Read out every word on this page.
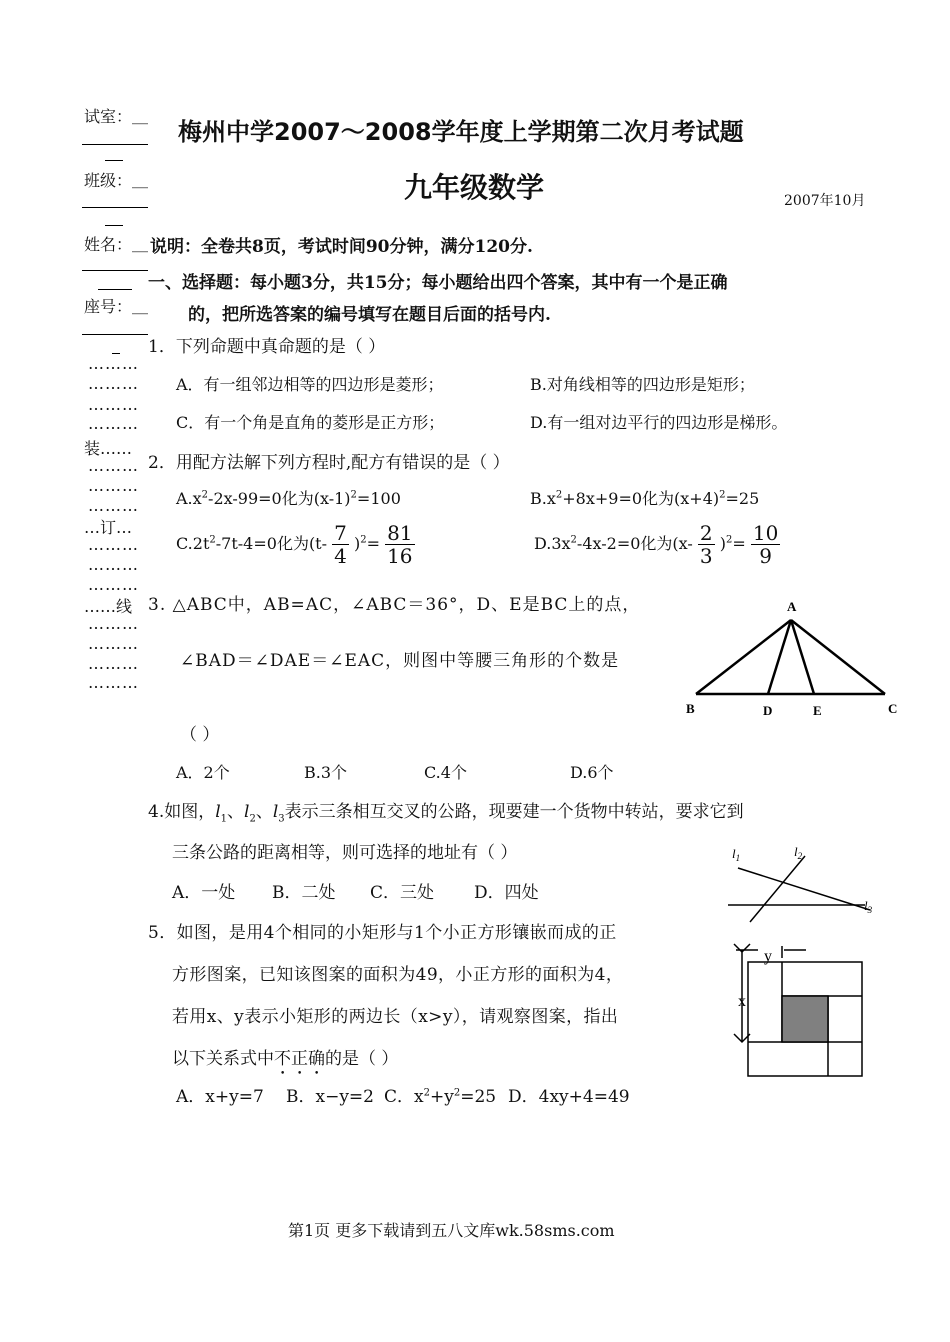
试室：＿
班级：＿
姓名：＿
座号：＿
………
………
………
………
装……
………
………
………
…订…
………
………
………
……线
………
………
………
………
梅州中学2007～2008学年度上学期第二次月考试题
九年级数学	2007年10月
说明：全卷共8页，考试时间90分钟，满分120分.
一、选择题：每小题3分，共15分；每小题给出四个答案，其中有一个是正确
的，把所选答案的编号填写在题目后面的括号内.
1．下列命题中真命题的是（ ）
A．有一组邻边相等的四边形是菱形；	B.对角线相等的四边形是矩形；
C．有一个角是直角的菱形是正方形；	D.有一组对边平行的四边形是梯形。
2．用配方法解下列方程时,配方有错误的是（ ）
$A.x^2-2x-99=0$化为$(x-1)^2=100$	$B.x^2+8x+9=0$化为$(x+4)^2=25$
$C.2t^2-7t-4=0$化为$(t- \frac{7}{4} )^2= \frac{81}{16}$	$D.3x^2-4x-2=0$化为$(x- \frac{2}{3} )^2= \frac{10}{9}$
3. △ABC中，AB=AC，∠ABC＝36°，D、E是BC上的点，
∠BAD＝∠DAE＝∠EAC，则图中等腰三角形的个数是
（ ）
A．2个	B.3个	C.4个	D.6个
A
B	D	E	C
4.如图，$l_1$、$l_2$、$l_3$表示三条相互交叉的公路，现要建一个货物中转站，要求它到
三条公路的距离相等，则可选择的地址有（ ）
A．一处 B．二处 C．三处 D．四处
$l_1$	$l_2$
$l_3$
5．如图，是用4个相同的小矩形与1个小正方形镶嵌而成的正
方形图案，已知该图案的面积为49，小正方形的面积为4，
若用x、y表示小矩形的两边长（x>y），请观察图案，指出
以下关系式中不正确的是（ ）
A．x+y=7 B．x−y=2 C．$x^2+y^2=25$ D．4xy+4=49
y
x
第1页 更多下载请到五八文库wk.58sms.com
